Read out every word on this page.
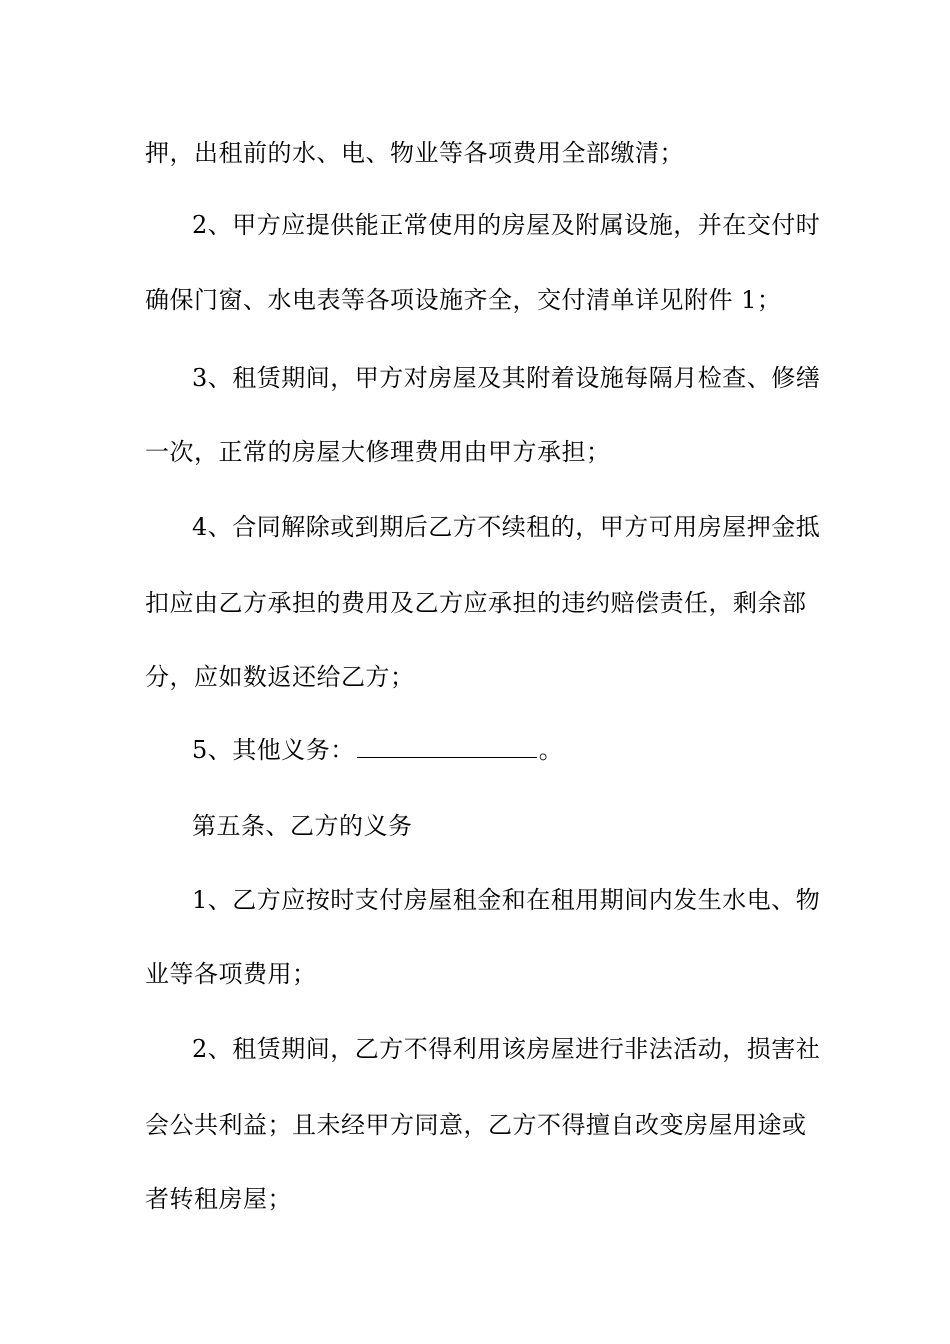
押，出租前的水、电、物业等各项费用全部缴清；
2、甲方应提供能正常使用的房屋及附属设施，并在交付时
确保门窗、水电表等各项设施齐全，交付清单详见附件 1；
3、租赁期间，甲方对房屋及其附着设施每隔月检查、修缮
一次，正常的房屋大修理费用由甲方承担；
4、合同解除或到期后乙方不续租的，甲方可用房屋押金抵
扣应由乙方承担的费用及乙方应承担的违约赔偿责任，剩余部
分，应如数返还给乙方；
5、其他义务：	。
第五条、乙方的义务
1、乙方应按时支付房屋租金和在租用期间内发生水电、物
业等各项费用；
2、租赁期间，乙方不得利用该房屋进行非法活动，损害社
会公共利益；且未经甲方同意，乙方不得擅自改变房屋用途或
者转租房屋；
